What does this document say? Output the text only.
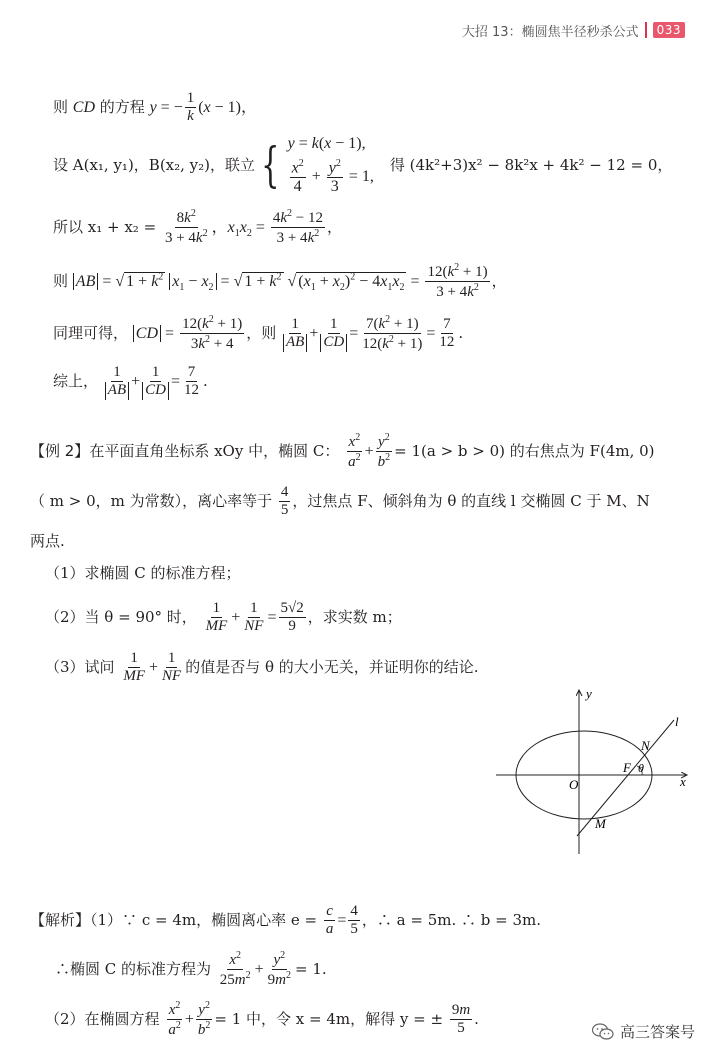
大招 13：椭圆焦半径秒杀公式	033
则 CD 的方程 y = − $\frac{1}{k} (x - 1)$，
设 A(x₁, y₁)，B(x₂, y₂)，联立 { y = k(x − 1),
$\frac{x^2}{4} + \frac{y^2}{3} = 1$,
得 (4k²+3)x² − 8k²x + 4k² − 12 = 0，
所以 $x_1 + x_2 = \frac{8k^2}{3 + 4k^2}$ ，$x_1x_2 = \frac{4k^2 - 12}{3 + 4k^2}$ ，
则 AB = √ $1 + k^2$ $x_1 - x_2$ = √ $1 + k^2$ √ $(x_1 + x_2)^2 - 4x_1x_2 = \frac{12(k^2 + 1)}{3 + 4k^2}$ ，
同理可得， CD = $\frac{12(k^2 + 1)}{3k^2 + 4}$ ，则 $\frac{1}{AB} + \frac{1}{CD} = \frac{7(k^2 + 1)}{12(k^2 + 1)} = \frac{7}{12}$ .
综上， $\frac{1}{AB} + \frac{1}{CD} = \frac{7}{12}$ .
【例 2】在平面直角坐标系 xOy 中，椭圆 C： $\frac{x^2}{a^2} + \frac{y^2}{b^2} = 1(a > b > 0)$ 的右焦点为 F(4m, 0)
（ m > 0，m 为常数），离心率等于 $\frac{4}{5}$ ，过焦点 F、倾斜角为 θ 的直线 l 交椭圆 C 于 M、N
两点.
（1）求椭圆 C 的标准方程；
（2）当 θ = 90° 时， $\frac{1}{MF} + \frac{1}{NF} = \frac{5√2}{9}$ ，求实数 m；
（3）试问 $\frac{1}{MF} + \frac{1}{NF}$ 的值是否与 θ 的大小无关，并证明你的结论.
x
y
O
F θ
N
M
l
【解析】（1）∵ c = 4m，椭圆离心率 $e = \frac{c}{a} = \frac{4}{5}$ ，∴ a = 5m. ∴ b = 3m.
∴椭圆 C 的标准方程为 $\frac{x^2}{25m^2} + \frac{y^2}{9m^2} = 1$.
（2）在椭圆方程 $\frac{x^2}{a^2} + \frac{y^2}{b^2} = 1$ 中，令 x = 4m，解得 y = ± $\frac{9m}{5}$ .
高三答案号
